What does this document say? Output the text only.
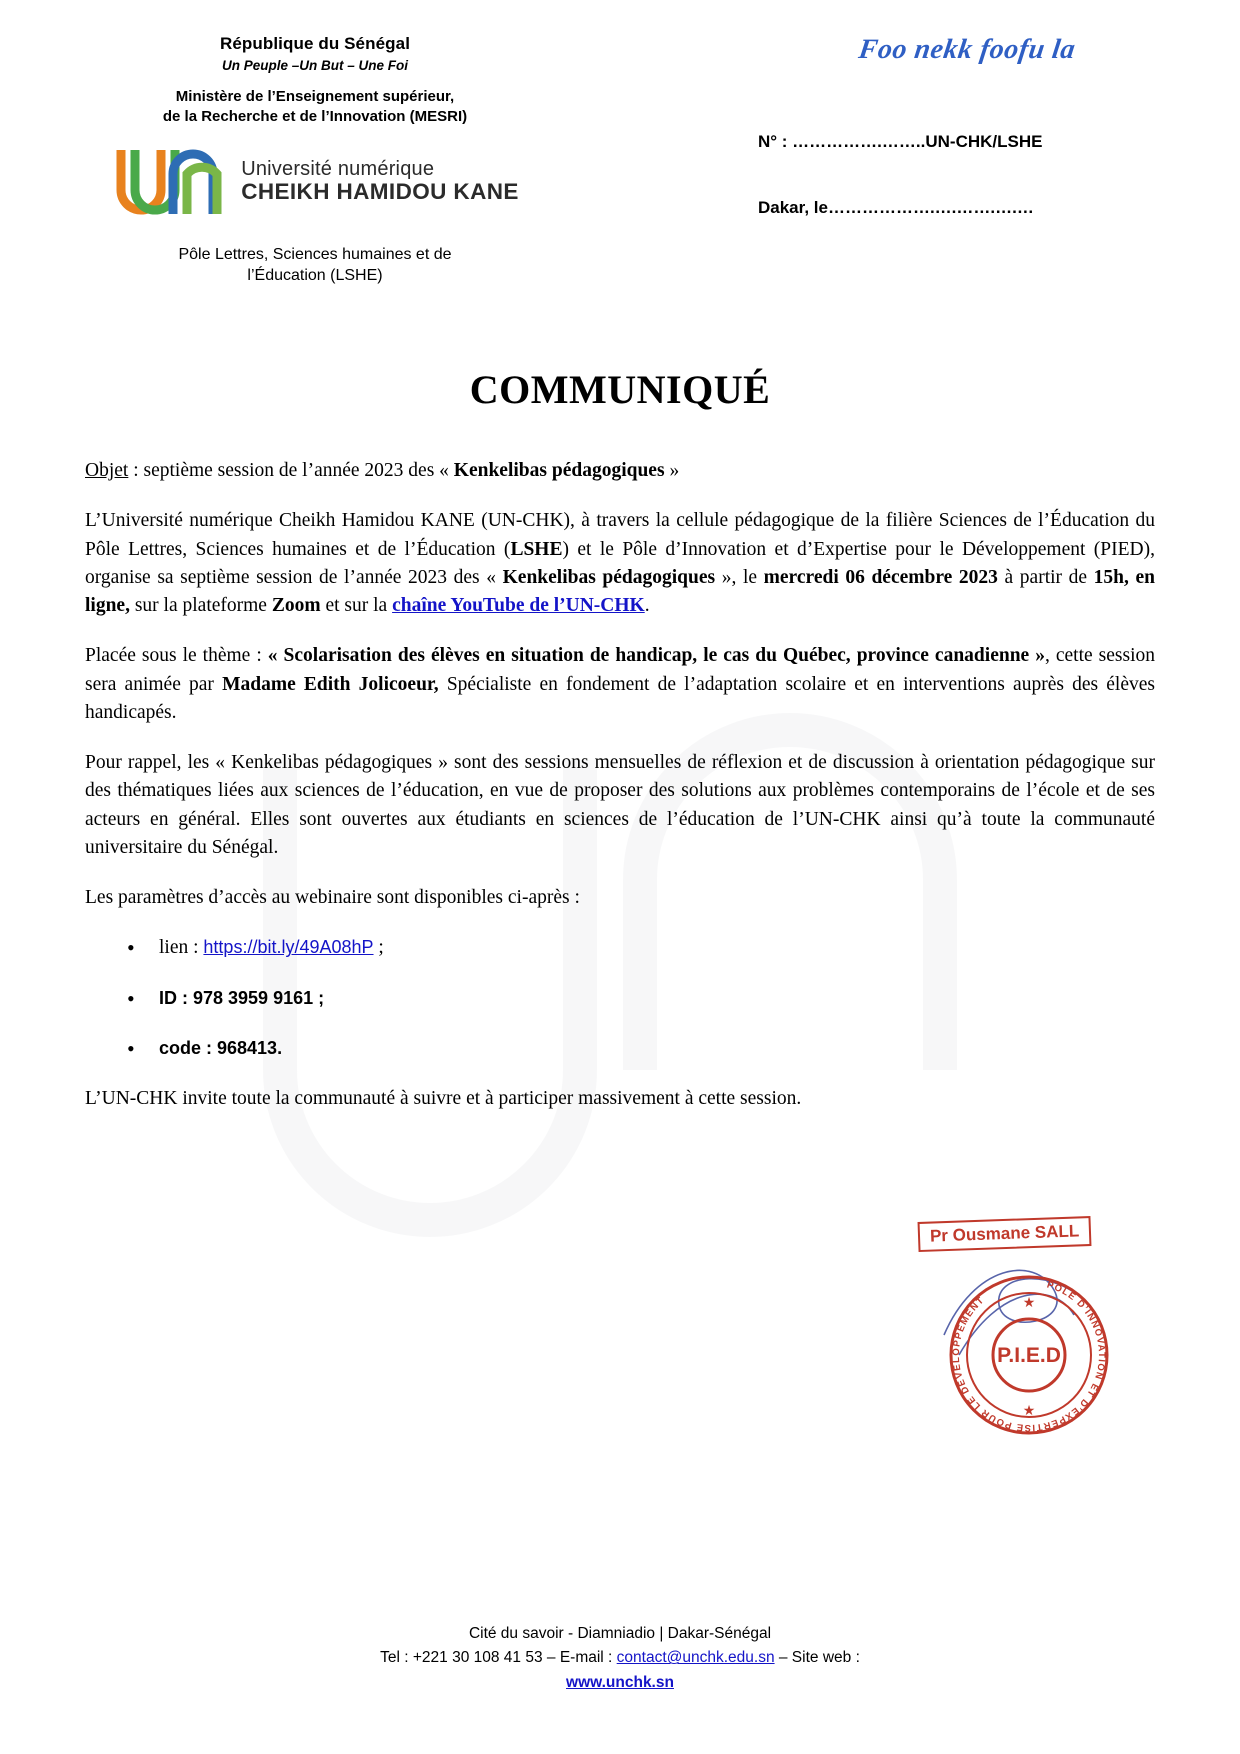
République du Sénégal
Un Peuple –Un But – Une Foi
Ministère de l’Enseignement supérieur,
de la Recherche et de l’Innovation (MESRI)
Université numérique
CHEIKH HAMIDOU KANE
Pôle Lettres, Sciences humaines et de
l’Éducation (LSHE)
Foo nekk foofu la
N° : …………….……..UN-CHK/LSHE
Dakar, le……………….….…….….…
COMMUNIQUÉ

Objet : septième session de l’année 2023 des « Kenkelibas pédagogiques »

L’Université numérique Cheikh Hamidou KANE (UN-CHK), à travers la cellule pédagogique de la filière Sciences de l’Éducation du Pôle Lettres, Sciences humaines et de l’Éducation (LSHE) et le Pôle d’Innovation et d’Expertise pour le Développement (PIED), organise sa septième session de l’année 2023 des « Kenkelibas pédagogiques », le mercredi 06 décembre 2023 à partir de 15h, en ligne, sur la plateforme Zoom et sur la chaîne YouTube de l’UN-CHK.

Placée sous le thème : « Scolarisation des élèves en situation de handicap, le cas du Québec, province canadienne », cette session sera animée par Madame Edith Jolicoeur, Spécialiste en fondement de l’adaptation scolaire et en interventions auprès des élèves handicapés.

Pour rappel, les « Kenkelibas pédagogiques » sont des sessions mensuelles de réflexion et de discussion à orientation pédagogique sur des thématiques liées aux sciences de l’éducation, en vue de proposer des solutions aux problèmes contemporains de l’école et de ses acteurs en général. Elles sont ouvertes aux étudiants en sciences de l’éducation de l’UN-CHK ainsi qu’à toute la communauté universitaire du Sénégal.

Les paramètres d’accès au webinaire sont disponibles ci-après :

• lien : https://bit.ly/49A08hP ;
• ID : 978 3959 9161 ;
• code : 968413.

L’UN-CHK invite toute la communauté à suivre et à participer massivement à cette session.

Pr Ousmane SALL
PÔLE D’INNOVATION ET D’EXPERTISE POUR LE DÉVELOPPEMENT
P.I.E.D
★
★
Cité du savoir - Diamniadio | Dakar-Sénégal
Tel : +221 30 108 41 53 – E-mail : contact@unchk.edu.sn – Site web :
www.unchk.sn
